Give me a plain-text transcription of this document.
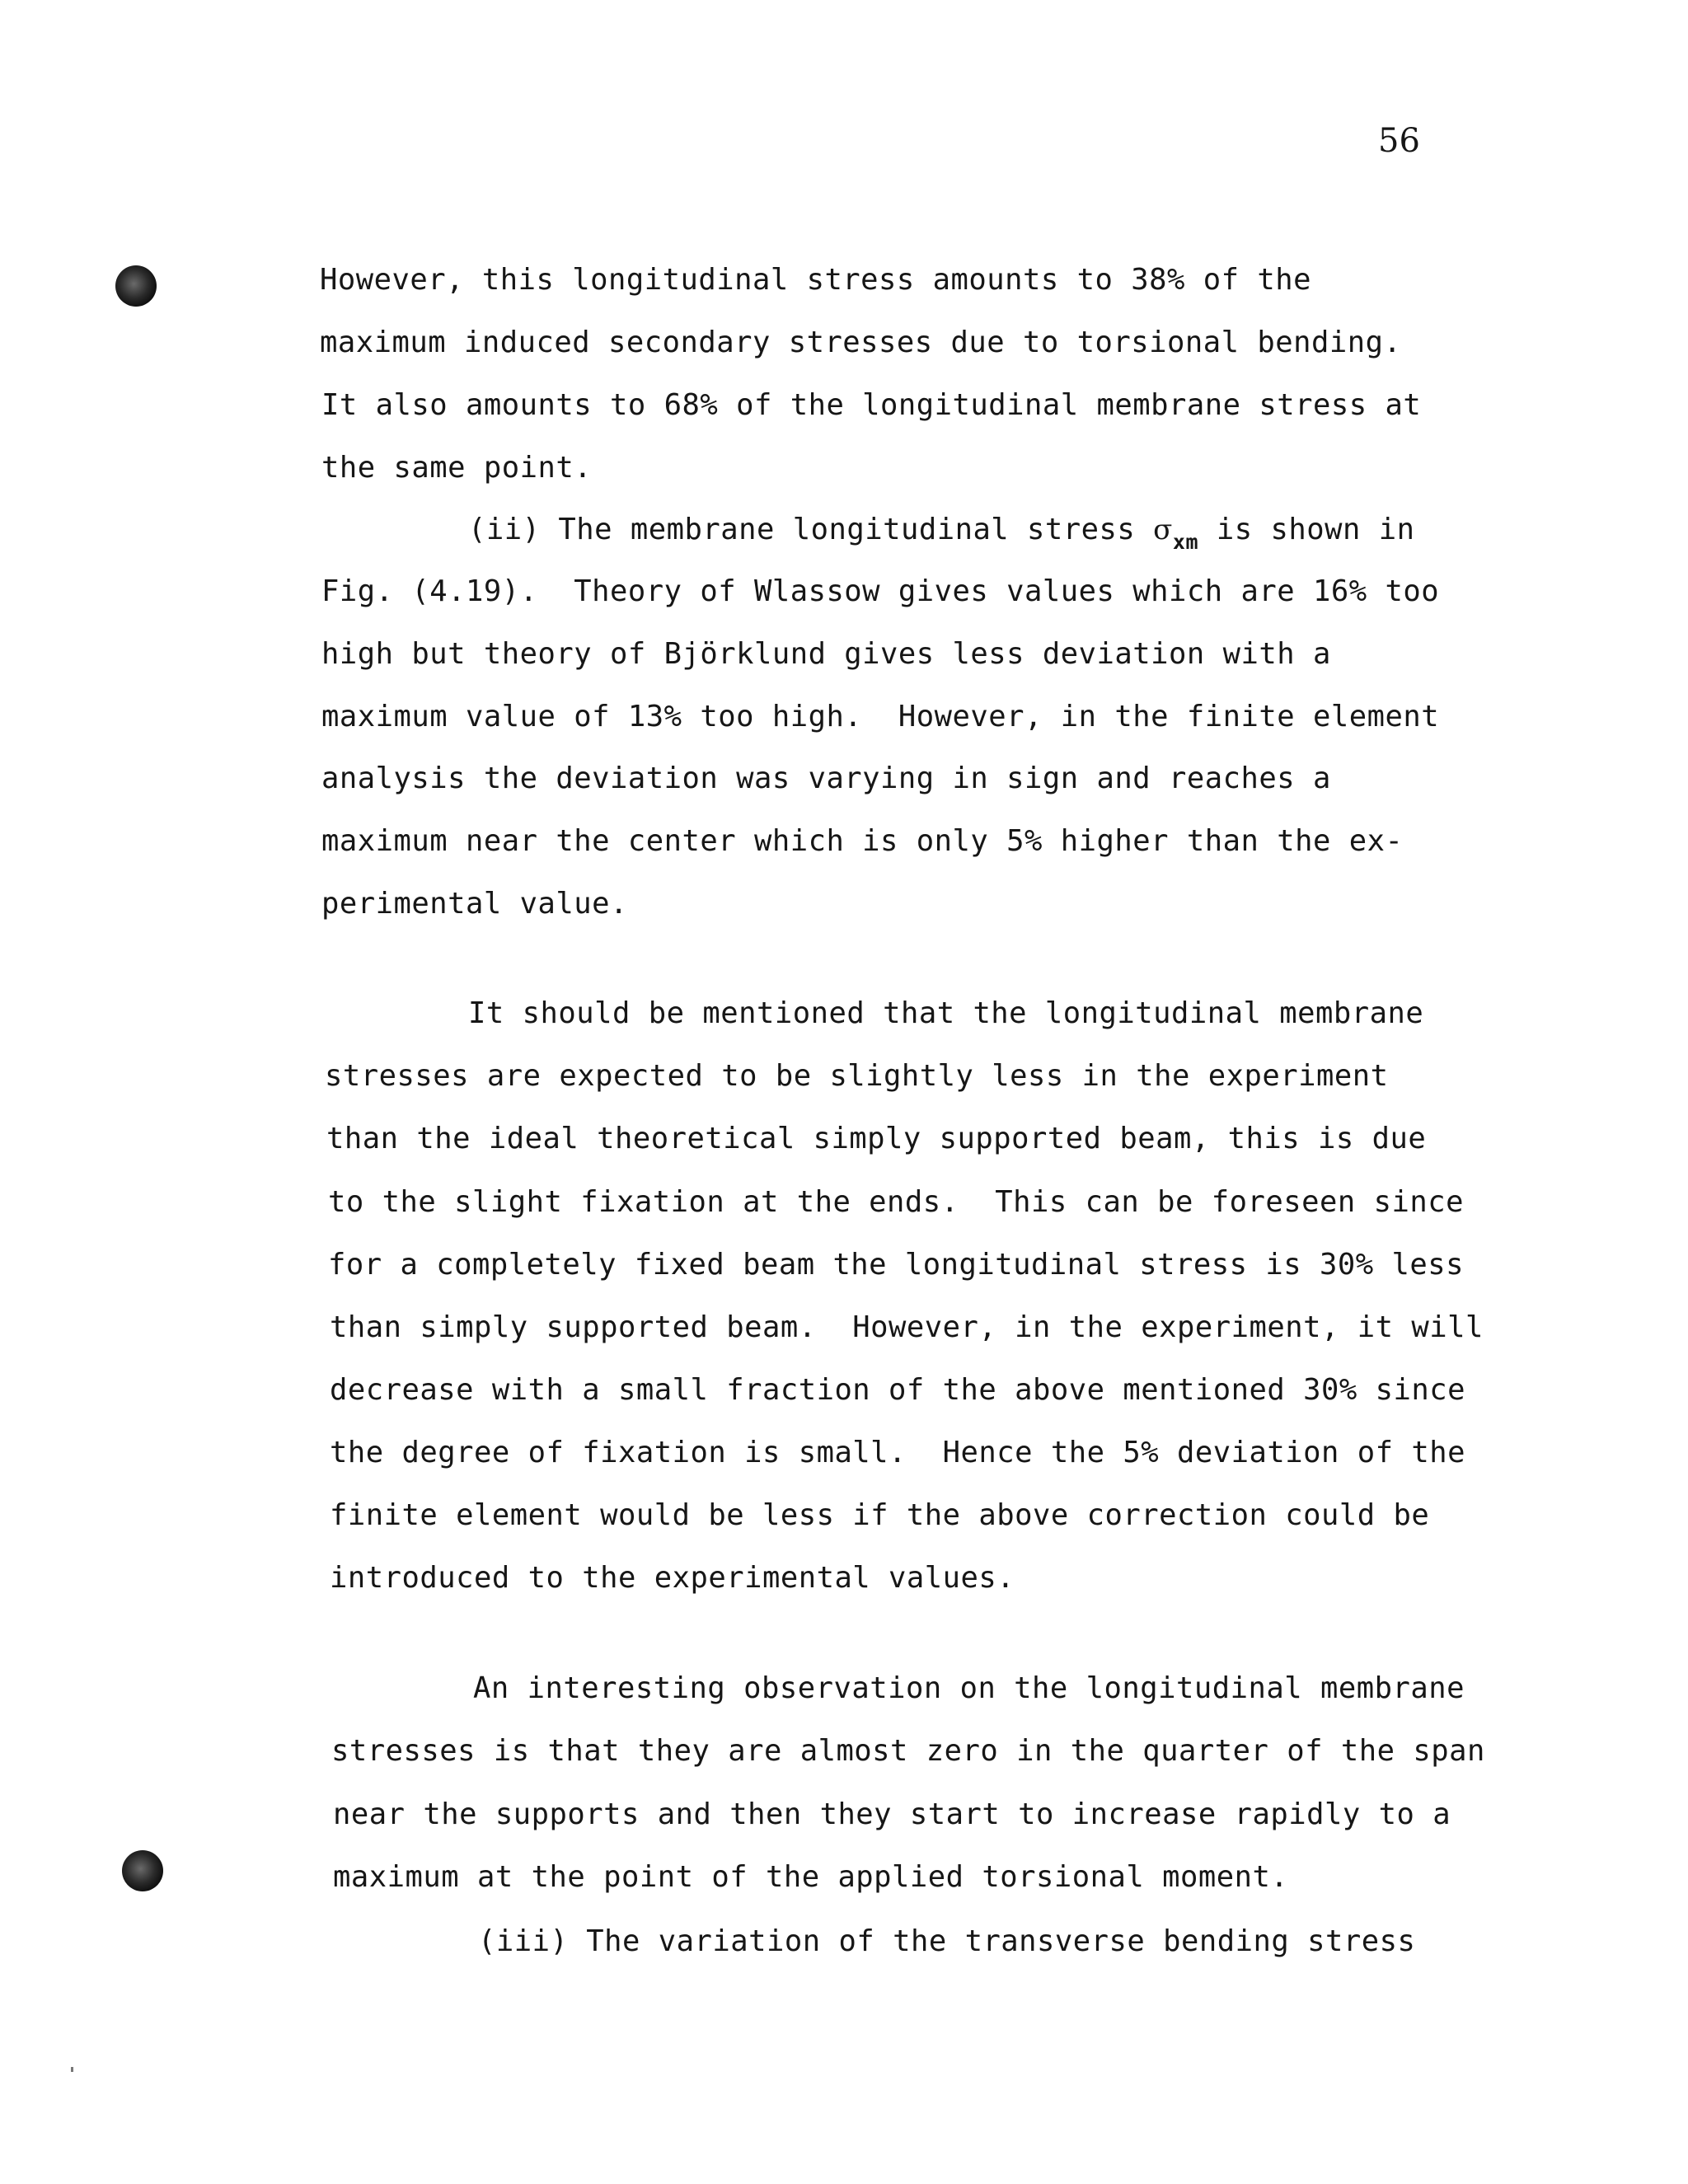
56
However, this longitudinal stress amounts to 38% of the
maximum induced secondary stresses due to torsional bending.
It also amounts to 68% of the longitudinal membrane stress at
the same point.
(ii) The membrane longitudinal stress $\sigma_{xm}$ is shown in
Fig. (4.19).  Theory of Wlassow gives values which are 16% too
high but theory of Björklund gives less deviation with a
maximum value of 13% too high.  However, in the finite element
analysis the deviation was varying in sign and reaches a
maximum near the center which is only 5% higher than the ex-
perimental value.
It should be mentioned that the longitudinal membrane
stresses are expected to be slightly less in the experiment
than the ideal theoretical simply supported beam, this is due
to the slight fixation at the ends.  This can be foreseen since
for a completely fixed beam the longitudinal stress is 30% less
than simply supported beam.  However, in the experiment, it will
decrease with a small fraction of the above mentioned 30% since
the degree of fixation is small.  Hence the 5% deviation of the
finite element would be less if the above correction could be
introduced to the experimental values.
An interesting observation on the longitudinal membrane
stresses is that they are almost zero in the quarter of the span
near the supports and then they start to increase rapidly to a
maximum at the point of the applied torsional moment.
(iii) The variation of the transverse bending stress
